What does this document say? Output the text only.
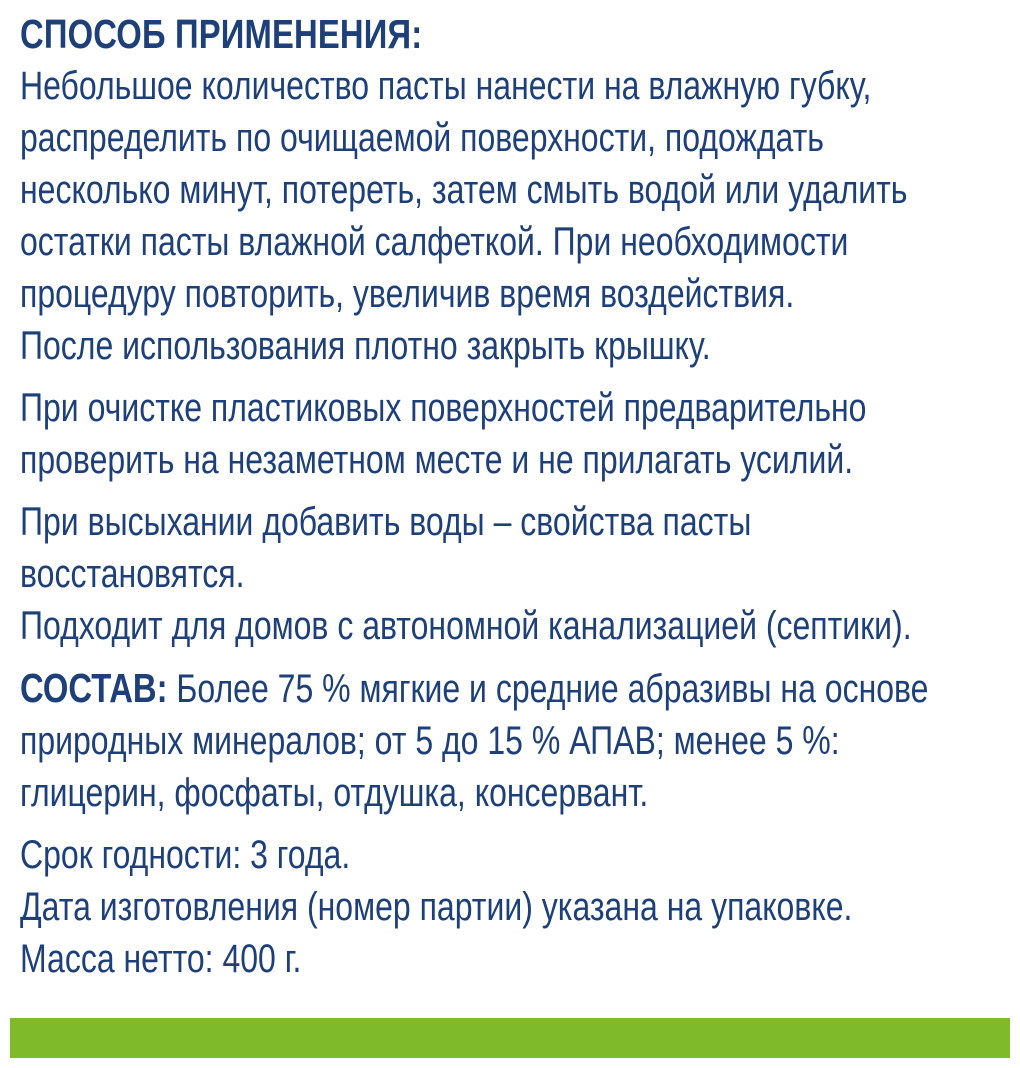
СПОСОБ ПРИМЕНЕНИЯ:
Небольшое количество пасты нанести на влажную губку,
распределить по очищаемой поверхности, подождать
несколько минут, потереть, затем смыть водой или удалить
остатки пасты влажной салфеткой. При необходимости
процедуру повторить, увеличив время воздействия.
После использования плотно закрыть крышку.
При очистке пластиковых поверхностей предварительно
проверить на незаметном месте и не прилагать усилий.
При высыхании добавить воды – свойства пасты
восстановятся.
Подходит для домов с автономной канализацией (септики).
СОСТАВ: Более 75 % мягкие и средние абразивы на основе
природных минералов; от 5 до 15 % АПАВ; менее 5 %:
глицерин, фосфаты, отдушка, консервант.
Срок годности: 3 года.
Дата изготовления (номер партии) указана на упаковке.
Масса нетто: 400 г.
